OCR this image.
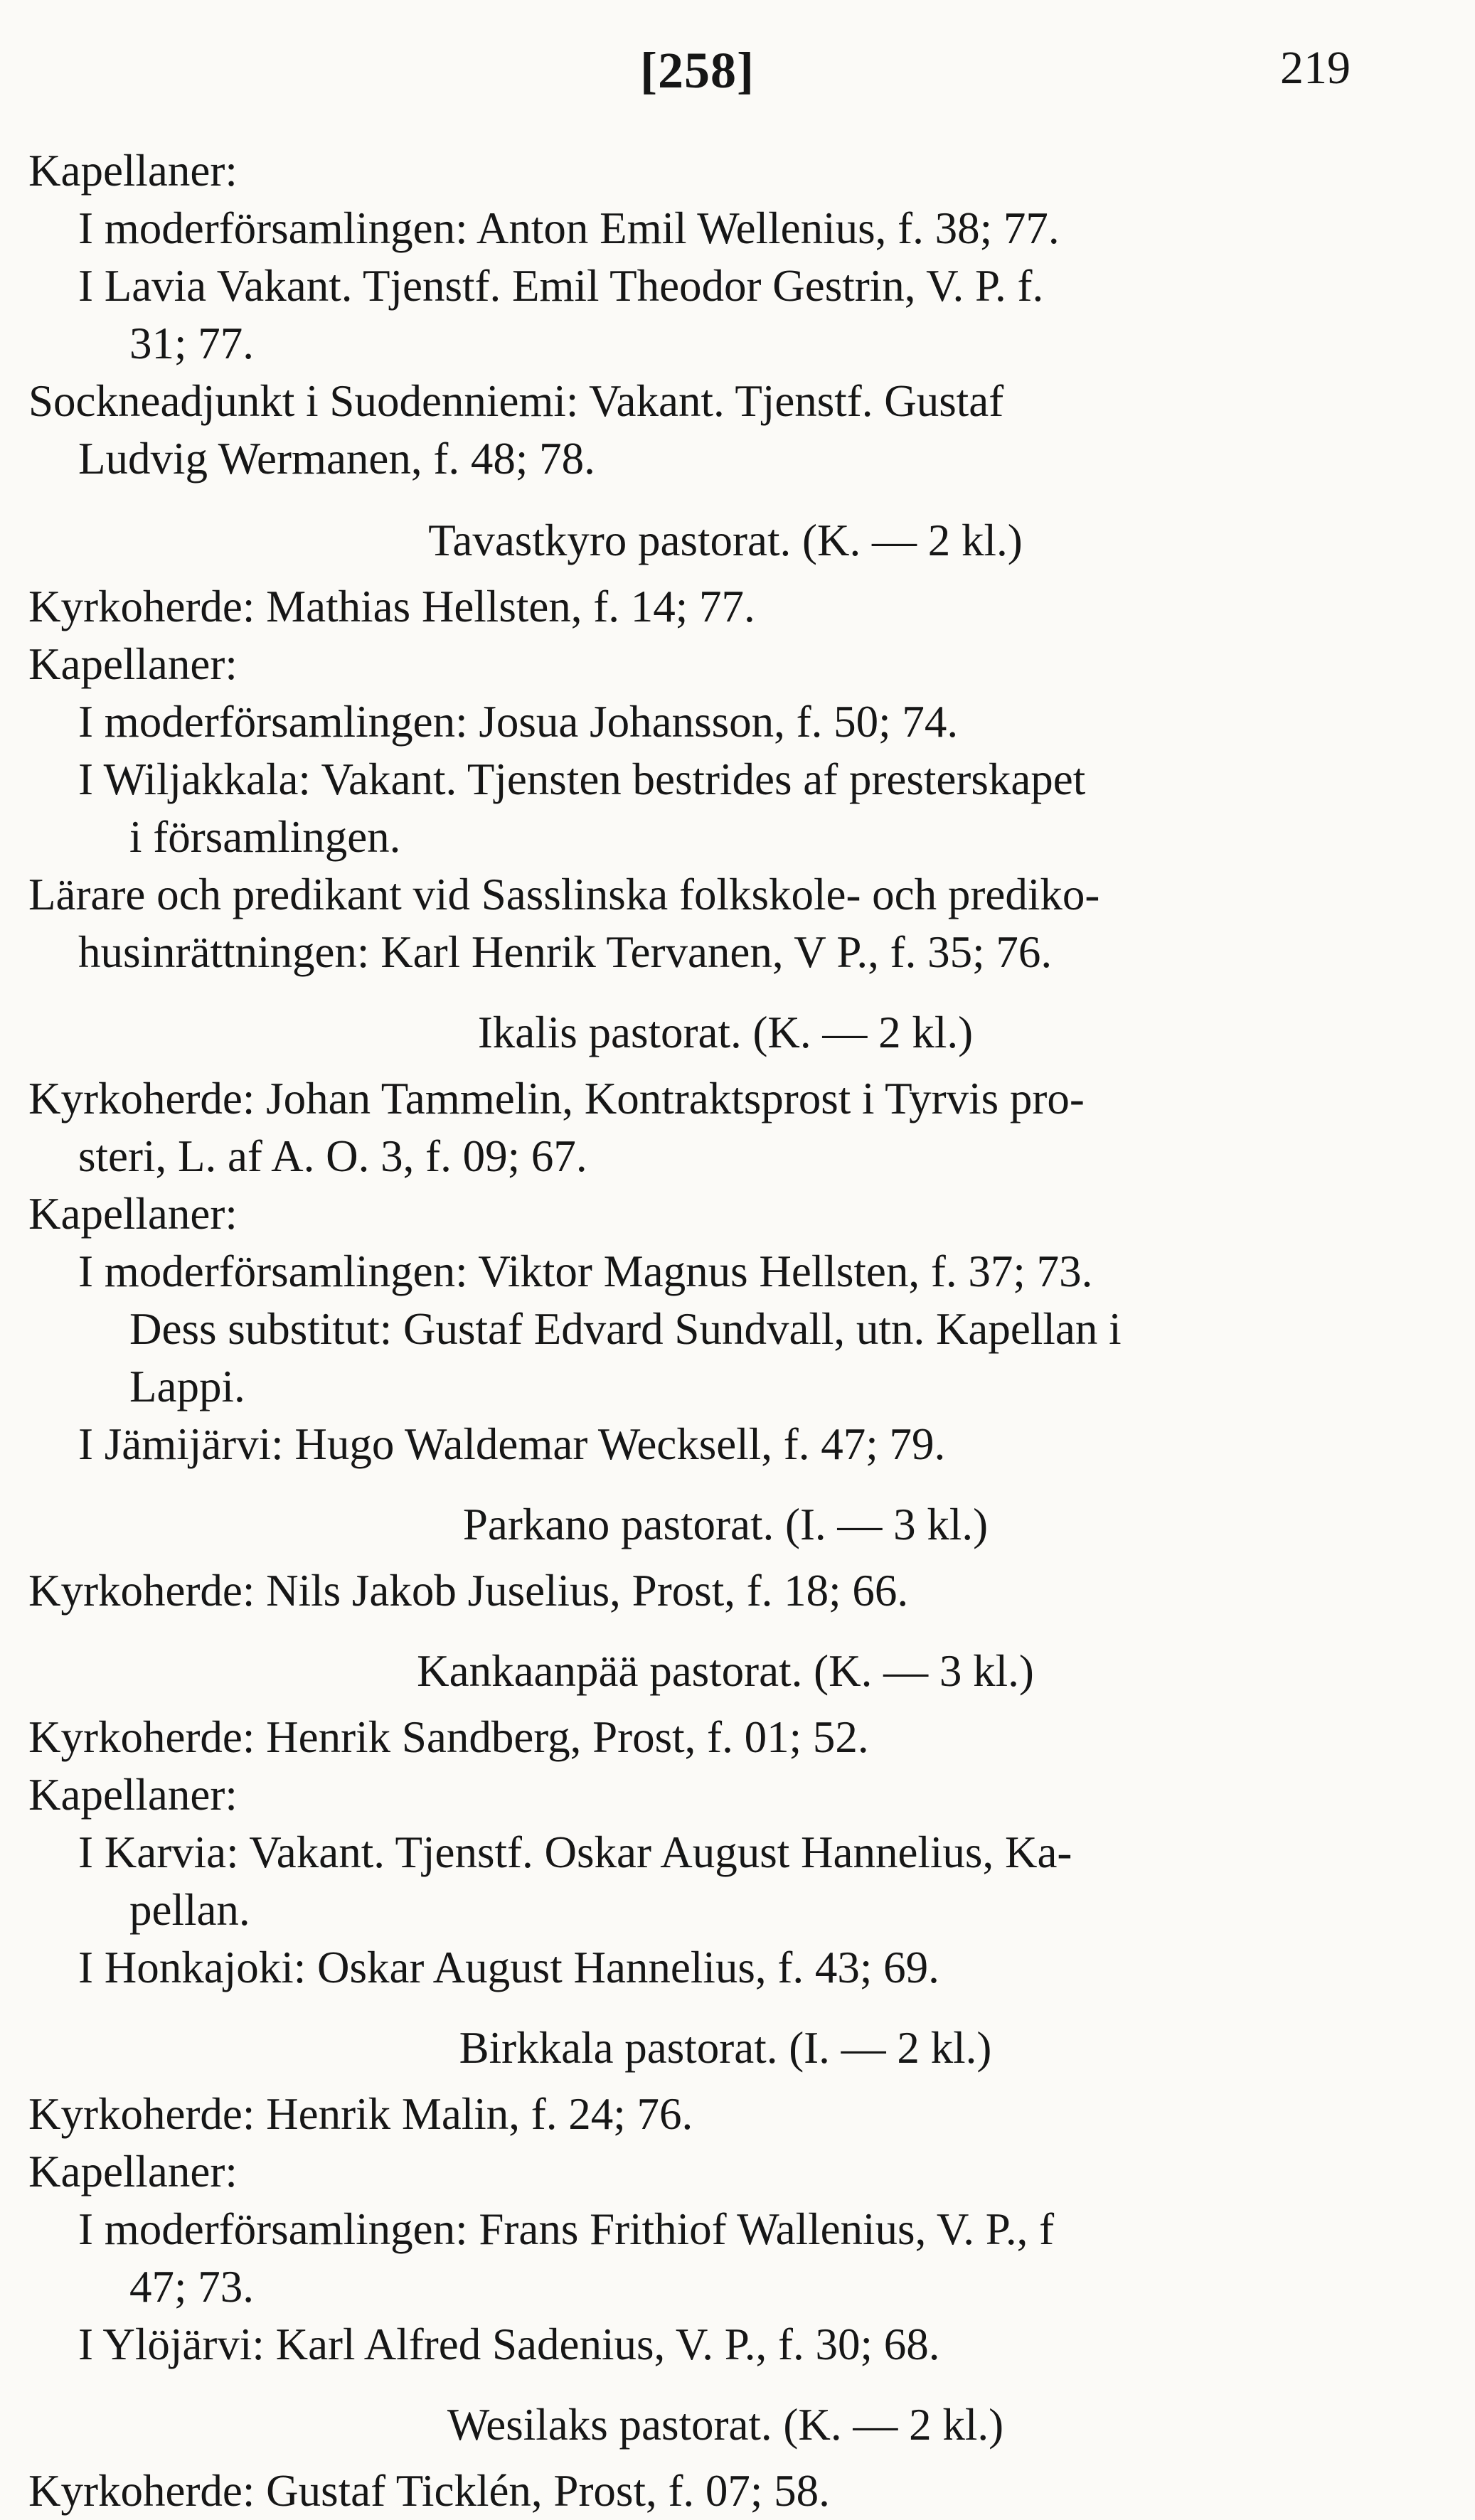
[258]	219
Kapellaner:
I moderförsamlingen: Anton Emil Wellenius, f. 38; 77.
I Lavia Vakant. Tjenstf. Emil Theodor Gestrin, V. P. f.
31; 77.
Sockneadjunkt i Suodenniemi: Vakant. Tjenstf. Gustaf
Ludvig Wermanen, f. 48; 78.
Tavastkyro pastorat. (K. — 2 kl.)
Kyrkoherde: Mathias Hellsten, f. 14; 77.
Kapellaner:
I moderförsamlingen: Josua Johansson, f. 50; 74.
I Wiljakkala: Vakant. Tjensten bestrides af presterskapet
i församlingen.
Lärare och predikant vid Sasslinska folkskole- och prediko-
husinrättningen: Karl Henrik Tervanen, V P., f. 35; 76.
Ikalis pastorat. (K. — 2 kl.)
Kyrkoherde: Johan Tammelin, Kontraktsprost i Tyrvis pro-
steri, L. af A. O. 3, f. 09; 67.
Kapellaner:
I moderförsamlingen: Viktor Magnus Hellsten, f. 37; 73.
Dess substitut: Gustaf Edvard Sundvall, utn. Kapellan i
Lappi.
I Jämijärvi: Hugo Waldemar Wecksell, f. 47; 79.
Parkano pastorat. (I. — 3 kl.)
Kyrkoherde: Nils Jakob Juselius, Prost, f. 18; 66.
Kankaanpää pastorat. (K. — 3 kl.)
Kyrkoherde: Henrik Sandberg, Prost, f. 01; 52.
Kapellaner:
I Karvia: Vakant. Tjenstf. Oskar August Hannelius, Ka-
pellan.
I Honkajoki: Oskar August Hannelius, f. 43; 69.
Birkkala pastorat. (I. — 2 kl.)
Kyrkoherde: Henrik Malin, f. 24; 76.
Kapellaner:
I moderförsamlingen: Frans Frithiof Wallenius, V. P., f
47; 73.
I Ylöjärvi: Karl Alfred Sadenius, V. P., f. 30; 68.
Wesilaks pastorat. (K. — 2 kl.)
Kyrkoherde: Gustaf Ticklén, Prost, f. 07; 58.
